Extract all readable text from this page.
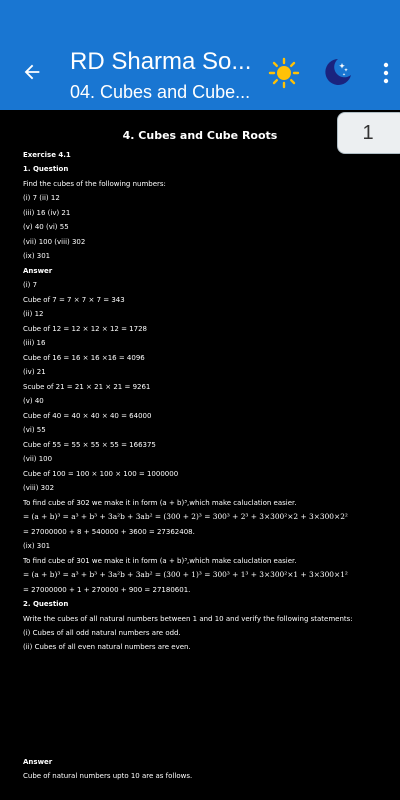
RD Sharma So...
04. Cubes and Cube...
4. Cubes and Cube Roots
Exercise 4.1
1. Question
Find the cubes of the following numbers:
(i) 7 (ii) 12
(iii) 16 (iv) 21
(v) 40 (vi) 55
(vii) 100 (viii) 302
(ix) 301
Answer
(i) 7
Cube of 7 = 7 × 7 × 7 = 343
(ii) 12
Cube of 12 = 12 × 12 × 12 = 1728
(iii) 16
Cube of 16 = 16 × 16 ×16 = 4096
(iv) 21
Scube of 21 = 21 × 21 × 21 = 9261
(v) 40
Cube of 40 = 40 × 40 × 40 = 64000
(vi) 55
Cube of 55 = 55 × 55 × 55 = 166375
(vii) 100
Cube of 100 = 100 × 100 × 100 = 1000000
(viii) 302
To find cube of 302 we make it in form (a + b)³,which make caluclation easier.
= (a + b)³ = a³ + b³ + 3a²b + 3ab² = (300 + 2)³ = 300³ + 2³ + 3×300²×2 + 3×300×2²
= 27000000 + 8 + 540000 + 3600 = 27362408.
(ix) 301
To find cube of 301 we make it in form (a + b)³,which make caluclation easier.
= (a + b)³ = a³ + b³ + 3a²b + 3ab² = (300 + 1)³ = 300³ + 1³ + 3×300²×1 + 3×300×1²
= 27000000 + 1 + 270000 + 900 = 27180601.
2. Question
Write the cubes of all natural numbers between 1 and 10 and verify the following statements:
(i) Cubes of all odd natural numbers are odd.
(ii) Cubes of all even natural numbers are even.
Answer
Cube of natural numbers upto 10 are as follows.
1
